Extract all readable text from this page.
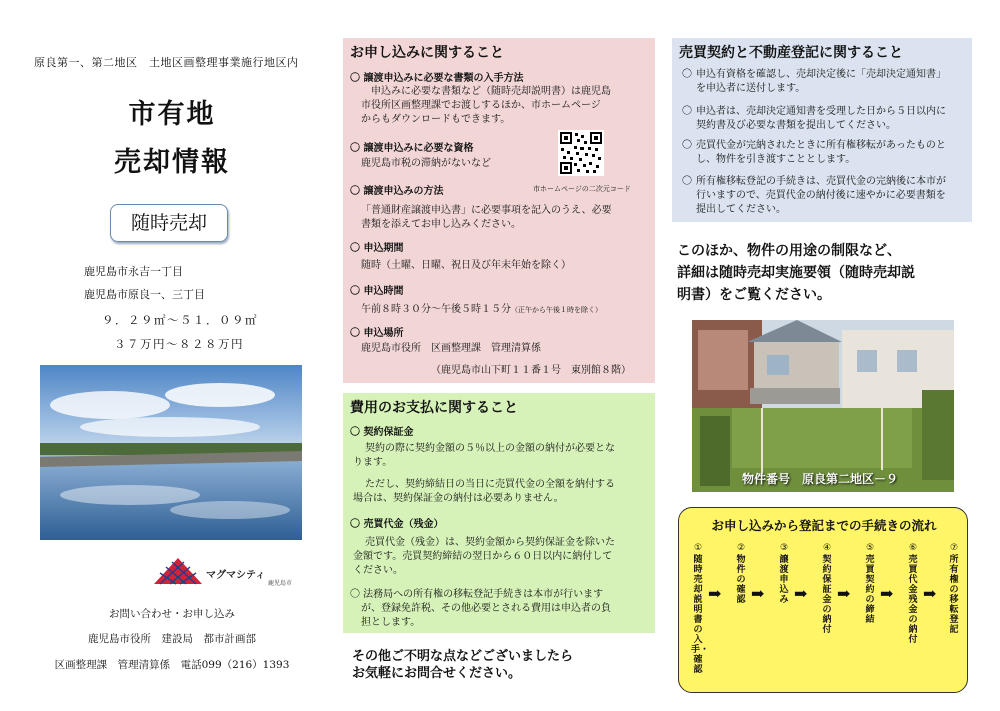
原良第一、第二地区　土地区画整理事業施行地区内
市有地
売却情報
随時売却
鹿児島市永吉一丁目
鹿児島市原良一、三丁目
９．２９㎡～５１．０９㎡
３７万円～８２８万円
マグマシティ
鹿児島市
お問い合わせ・お申し込み
鹿児島市役所　建設局　都市計画部
区画整理課　管理清算係　電話099（216）1393
お申し込みに関すること
〇 譲渡申込みに必要な書類の入手方法
申込みに必要な書類など（随時売却説明書）は鹿児島
市役所区画整理課でお渡しするほか、市ホームページ
からもダウンロードもできます。
〇 譲渡申込みに必要な資格
鹿児島市税の滞納がないなど
〇 譲渡申込みの方法	市ホームページの二次元コード
「普通財産譲渡申込書」に必要事項を記入のうえ、必要
書類を添えてお申し込みください。
〇 申込期間
随時（土曜、日曜、祝日及び年末年始を除く）
〇 申込時間
午前８時３０分～午後５時１５分（正午から午後１時を除く）
〇 申込場所
鹿児島市役所　区画整理課　管理清算係
（鹿児島市山下町１１番１号　東別館８階）
費用のお支払に関すること
〇 契約保証金
契約の際に契約金額の５％以上の金額の納付が必要とな
ります。
ただし、契約締結日の当日に売買代金の全額を納付する
場合は、契約保証金の納付は必要ありません。
〇 売買代金（残金）
売買代金（残金）は、契約金額から契約保証金を除いた
金額です。売買契約締結の翌日から６０日以内に納付して
ください。
〇 法務局への所有権の移転登記手続きは本市が行います
が、登録免許税、その他必要とされる費用は申込者の負
担とします。
その他ご不明な点などございましたら
お気軽にお問合せください。
売買契約と不動産登記に関すること
〇 申込有資格を確認し、売却決定後に「売却決定通知書」
を申込者に送付します。
〇 申込者は、売却決定通知書を受理した日から５日以内に
契約書及び必要な書類を提出してください。
〇 売買代金が完納されたときに所有権移転があったものと
し、物件を引き渡すこととします。
〇 所有権移転登記の手続きは、売買代金の完納後に本市が
行いますので、売買代金の納付後に速やかに必要書類を
提出してください。
このほか、物件の用途の制限など、
詳細は随時売却実施要領（随時売却説
明書）をご覧ください。
物件番号　原良第二地区－９
お申し込みから登記までの手続きの流れ
①
随時売却説明書の入手・確認
➡
②
物件の確認 ➡
③
譲渡申込み ➡
④
契約保証金の納付
➡
⑤
売買契約の締結
➡
⑥
売買代金残金の納付
➡
⑦
所有権の移転登記
